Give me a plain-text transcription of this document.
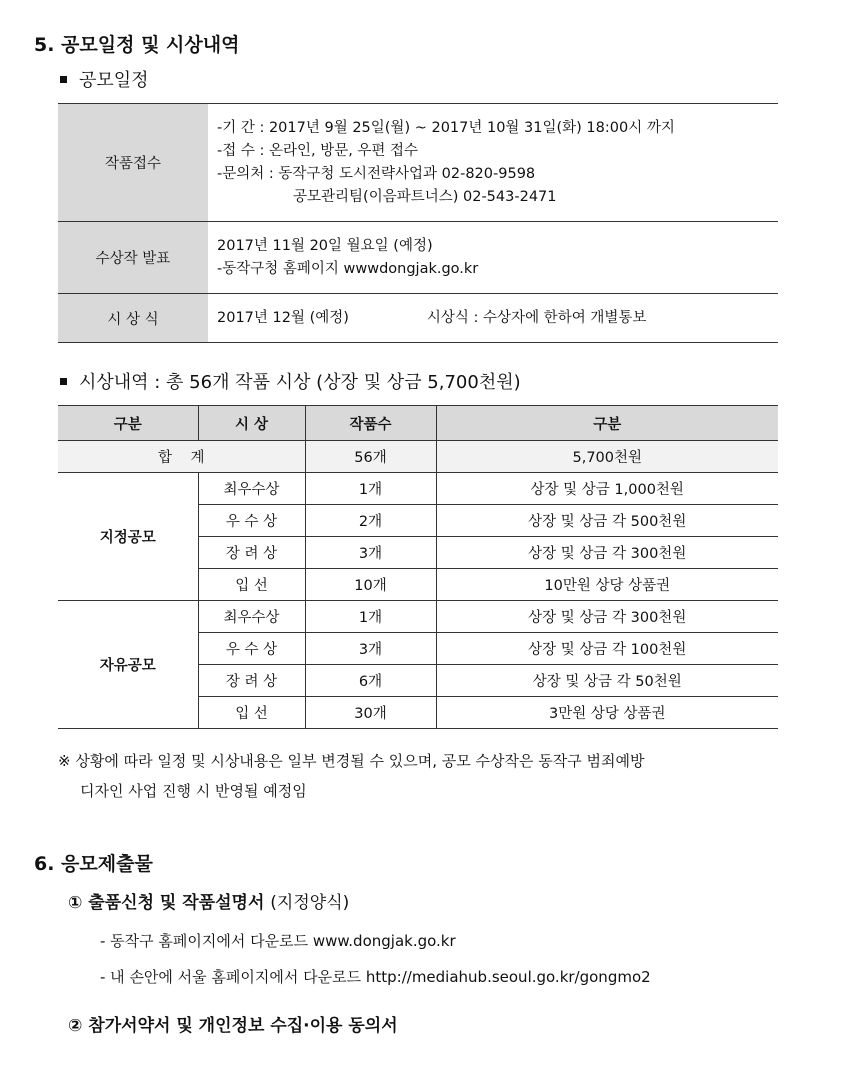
5. 공모일정 및 시상내역
공모일정
작품접수	-기 간 : 2017년 9월 25일(월) ~ 2017년 10월 31일(화) 18:00시 까지
-접 수 : 온라인, 방문, 우편 접수
-문의처 : 동작구청 도시전략사업과 02-820-9598
공모관리팀(이음파트너스) 02-543-2471

수상작 발표	2017년 11월 20일 월요일 (예정)
-동작구청 홈페이지 wwwdongjak.go.kr

시 상 식	2017년 12월 (예정) 시상식 : 수상자에 한하여 개별통보
시상내역 : 총 56개 작품 시상 (상장 및 상금 5,700천원)
구분	시 상	작품수	구분
합    계		56개	5,700천원
지정공모	최우수상	1개	상장 및 상금 1,000천원
	우 수 상	2개	상장 및 상금 각 500천원
	장 려 상	3개	상장 및 상금 각 300천원
	입 선	10개	10만원 상당 상품권
자유공모	최우수상	1개	상장 및 상금 각 300천원
	우 수 상	3개	상장 및 상금 각 100천원
	장 려 상	6개	상장 및 상금 각 50천원
	입 선	30개	3만원 상당 상품권
※ 상황에 따라 일정 및 시상내용은 일부 변경될 수 있으며, 공모 수상작은 동작구 범죄예방
디자인 사업 진행 시 반영될 예정임
6. 응모제출물
① 출품신청 및 작품설명서 (지정양식)
- 동작구 홈페이지에서 다운로드 www.dongjak.go.kr
- 내 손안에 서울 홈페이지에서 다운로드 http://mediahub.seoul.go.kr/gongmo2
② 참가서약서 및 개인정보 수집·이용 동의서
